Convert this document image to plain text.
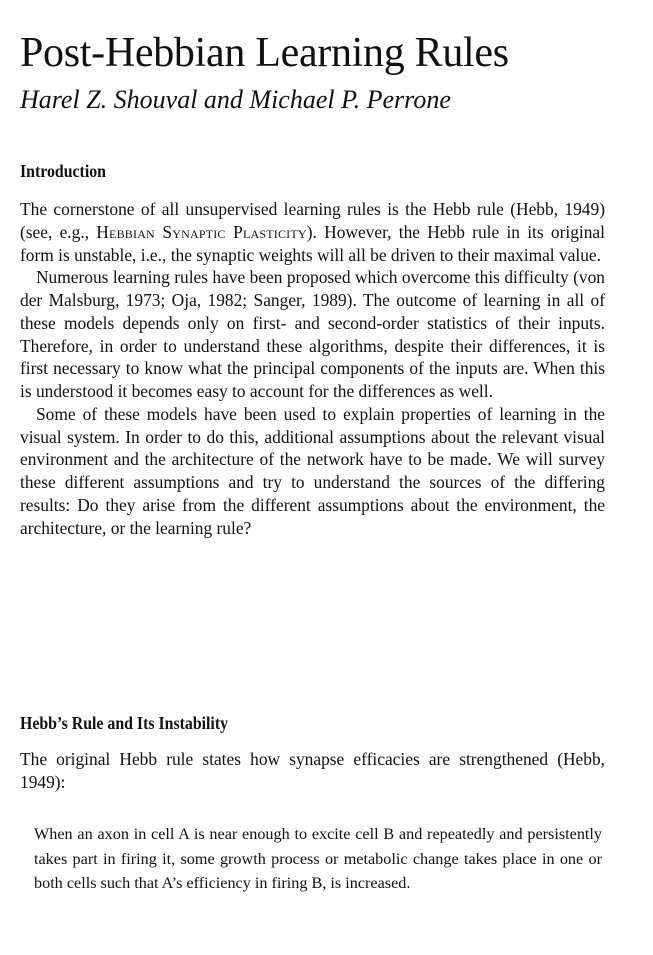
Post-Hebbian Learning Rules
Harel Z. Shouval and Michael P. Perrone
Introduction

The cornerstone of all unsupervised learning rules is the Hebb rule (Hebb, 1949) (see, e.g., Hebbian Synaptic Plasticity). However, the Hebb rule in its original form is unstable, i.e., the synaptic weights will all be driven to their maximal value.

Numerous learning rules have been proposed which overcome this difficulty (von der Malsburg, 1973; Oja, 1982; Sanger, 1989). The outcome of learning in all of these models depends only on first- and second-order statistics of their inputs. Therefore, in order to understand these algorithms, despite their differences, it is first necessary to know what the principal components of the inputs are. When this is understood it becomes easy to account for the differences as well.

Some of these models have been used to explain properties of learning in the visual system. In order to do this, additional assumptions about the relevant visual environment and the architecture of the network have to be made. We will survey these different assumptions and try to understand the sources of the differing results: Do they arise from the different assumptions about the environment, the architecture, or the learning rule?

Hebb’s Rule and Its Instability

The original Hebb rule states how synapse efficacies are strengthened (Hebb, 1949):

When an axon in cell A is near enough to excite cell B and repeatedly and persistently takes part in firing it, some growth process or metabolic change takes place in one or both cells such that A’s efficiency in firing B, is increased.
